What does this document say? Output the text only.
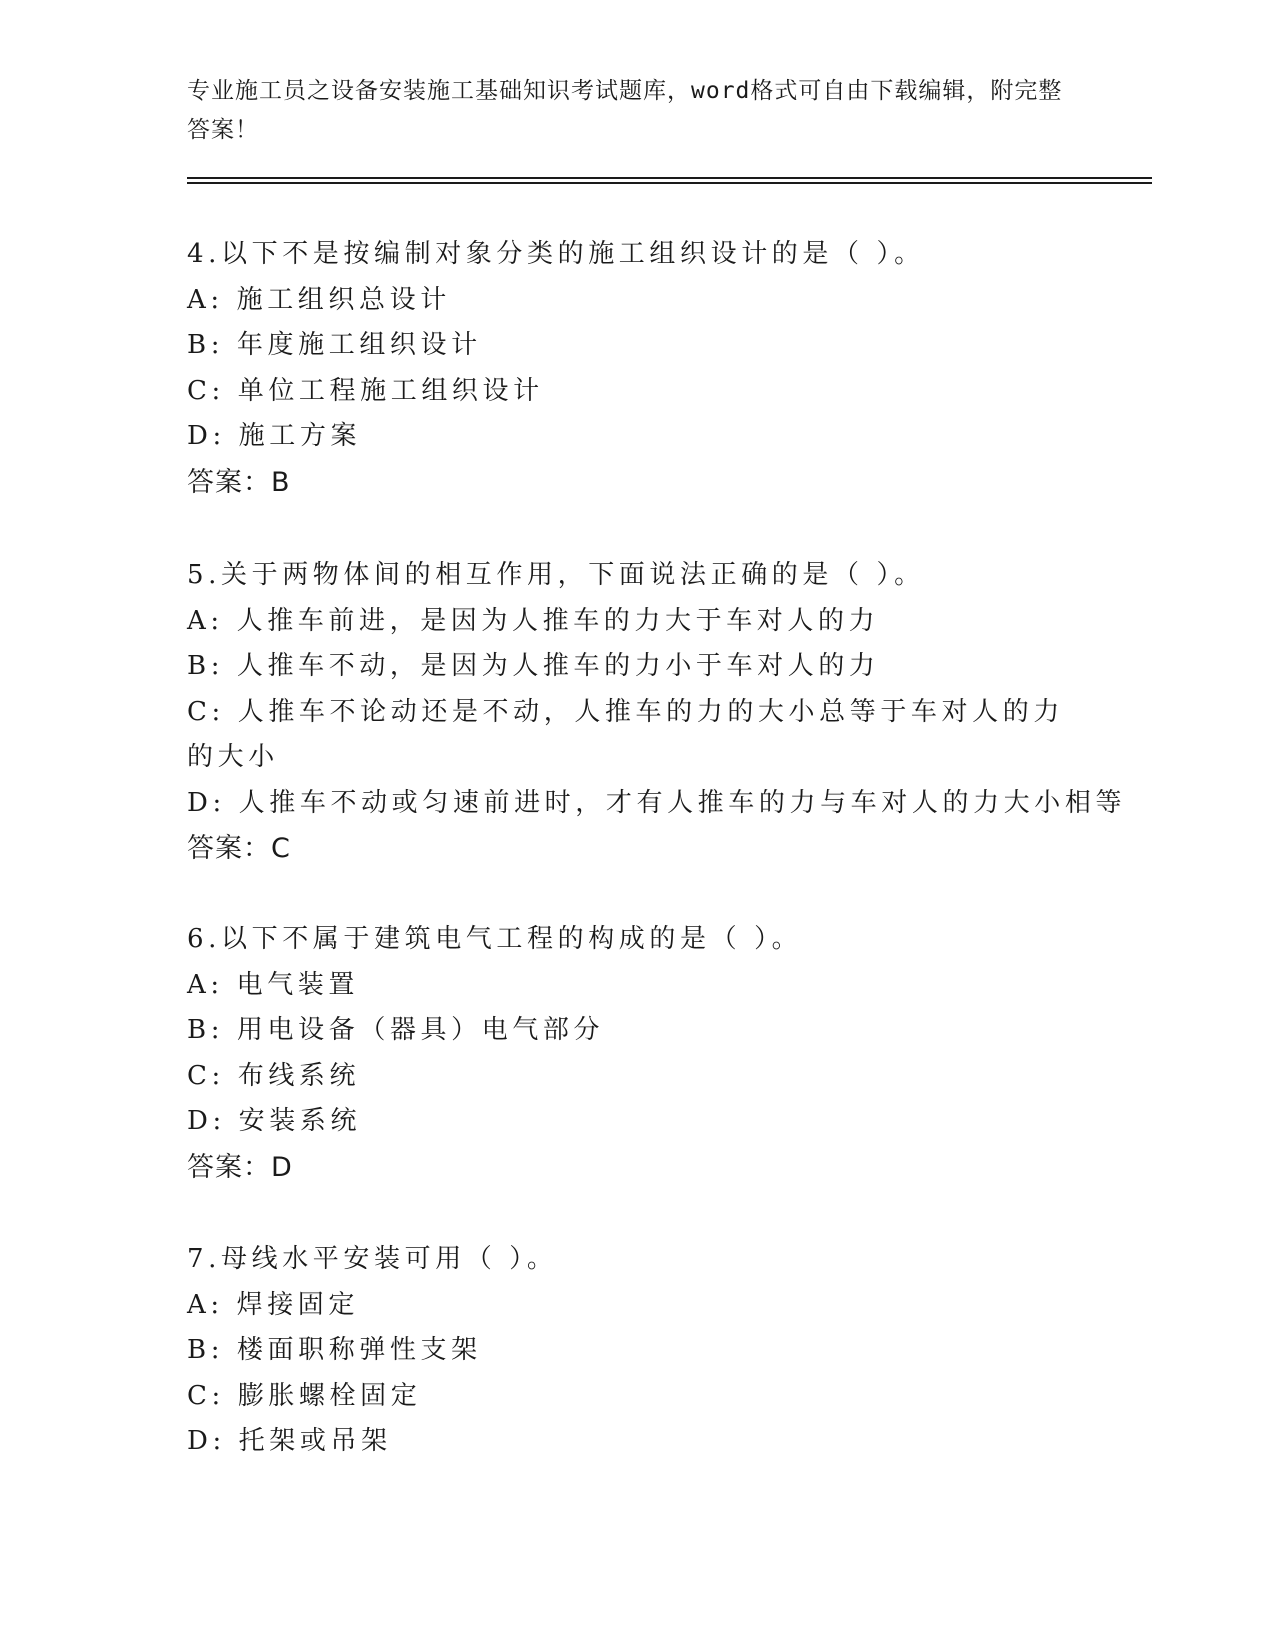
专业施工员之设备安装施工基础知识考试题库，word格式可自由下载编辑，附完整答案！
4.以下不是按编制对象分类的施工组织设计的是（ ）。
A: 施工组织总设计
B: 年度施工组织设计
C: 单位工程施工组织设计
D: 施工方案
答案：B
5.关于两物体间的相互作用，下面说法正确的是（ ）。
A: 人推车前进，是因为人推车的力大于车对人的力
B: 人推车不动，是因为人推车的力小于车对人的力
C: 人推车不论动还是不动，人推车的力的大小总等于车对人的力的大小
D: 人推车不动或匀速前进时，才有人推车的力与车对人的力大小相等
答案：C
6.以下不属于建筑电气工程的构成的是（ ）。
A: 电气装置
B: 用电设备（器具）电气部分
C: 布线系统
D: 安装系统
答案：D
7.母线水平安装可用（ ）。
A: 焊接固定
B: 楼面职称弹性支架
C: 膨胀螺栓固定
D: 托架或吊架
